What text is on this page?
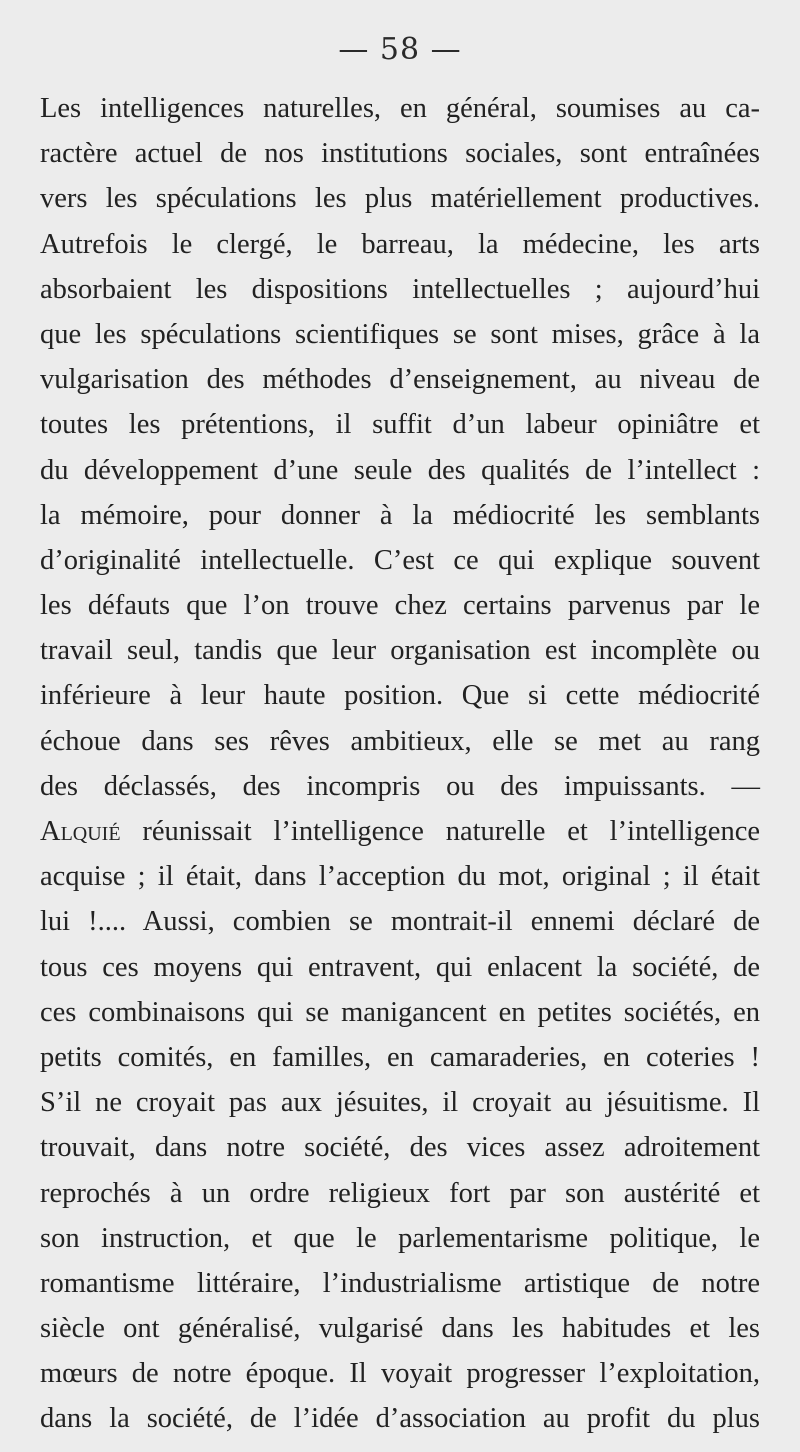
— 58 —
Les intelligences naturelles, en général, soumises au ca-
ractère actuel de nos institutions sociales, sont entraînées
vers les spéculations les plus matériellement productives.
Autrefois le clergé, le barreau, la médecine, les arts
absorbaient les dispositions intellectuelles ; aujourd’hui
que les spéculations scientifiques se sont mises, grâce à la
vulgarisation des méthodes d’enseignement, au niveau de
toutes les prétentions, il suffit d’un labeur opiniâtre et
du développement d’une seule des qualités de l’intellect :
la mémoire, pour donner à la médiocrité les semblants
d’originalité intellectuelle. C’est ce qui explique souvent
les défauts que l’on trouve chez certains parvenus par le
travail seul, tandis que leur organisation est incomplète ou
inférieure à leur haute position. Que si cette médiocrité
échoue dans ses rêves ambitieux, elle se met au rang
des déclassés, des incompris ou des impuissants. —
Alquié réunissait l’intelligence naturelle et l’intelligence
acquise ; il était, dans l’acception du mot, original ; il était
lui !.... Aussi, combien se montrait-il ennemi déclaré de
tous ces moyens qui entravent, qui enlacent la société, de
ces combinaisons qui se manigancent en petites sociétés, en
petits comités, en familles, en camaraderies, en coteries !
S’il ne croyait pas aux jésuites, il croyait au jésuitisme. Il
trouvait, dans notre société, des vices assez adroitement
reprochés à un ordre religieux fort par son austérité et
son instruction, et que le parlementarisme politique, le
romantisme littéraire, l’industrialisme artistique de notre
siècle ont généralisé, vulgarisé dans les habitudes et les
mœurs de notre époque. Il voyait progresser l’exploitation,
dans la société, de l’idée d’association au profit du plus
